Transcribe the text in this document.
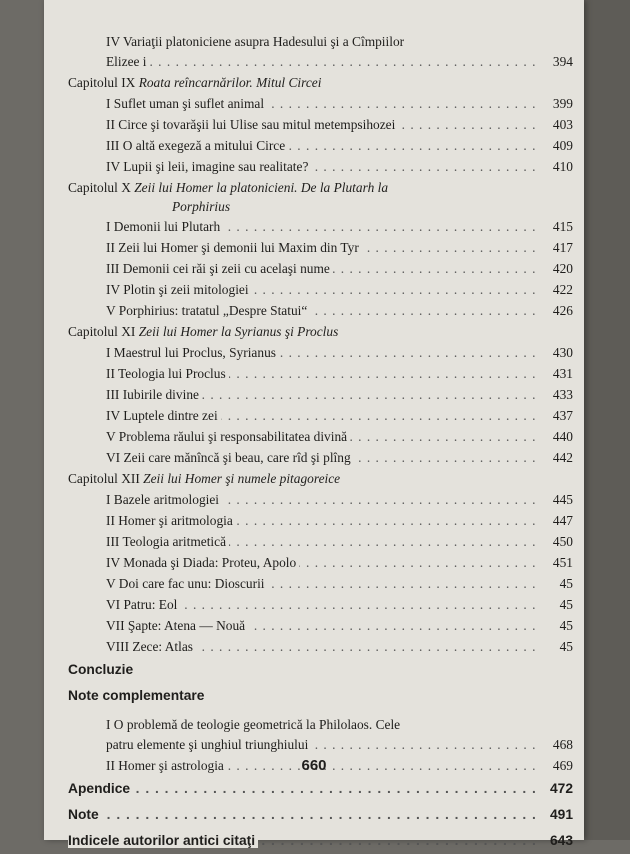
IV Variaţii platoniciene asupra Hadesului şi a Cîmpiilor
Elizee i . . .	394
Capitolul IX Roata reîncarnărilor. Mitul Circei
I Suflet uman şi suflet animal . . .	399
II Circe şi tovarăşii lui Ulise sau mitul metempsihozei . . .	403
III O altă exegeză a mitului Circe . . .	409
IV Lupii şi leii, imagine sau realitate? . . .	410
Capitolul X Zeii lui Homer la platonicieni. De la Plutarh la
Porphirius
I Demonii lui Plutarh . . .	415
II Zeii lui Homer şi demonii lui Maxim din Tyr . . .	417
III Demonii cei răi şi zeii cu acelaşi nume . . .	420
IV Plotin şi zeii mitologiei . . .	422
V Porphirius: tratatul „Despre Statui“ . . .	426
Capitolul XI Zeii lui Homer la Syrianus şi Proclus
I Maestrul lui Proclus, Syrianus . . .	430
II Teologia lui Proclus . . .	431
III Iubirile divine . . .	433
IV Luptele dintre zei . . .	437
V Problema răului şi responsabilitatea divină . . .	440
VI Zeii care mănîncă şi beau, care rîd şi plîng . . .	442
Capitolul XII Zeii lui Homer şi numele pitagoreice
I Bazele aritmologiei . . .	445
II Homer şi aritmologia . . .	447
III Teologia aritmetică . . .	450
IV Monada şi Diada: Proteu, Apolo . . .	451
V Doi care fac unu: Dioscurii . . .	45
VI Patru: Eol . . .	45
VII Şapte: Atena — Nouă . . .	45
VIII Zece: Atlas . . .	45
Concluzie
Note complementare
I O problemă de teologie geometrică la Philolaos. Cele
patru elemente şi unghiul triunghiului . . .	468
II Homer şi astrologia . . .	469
Apendice . . .	472
Note . . .	491
Indicele autorilor antici citaţi . . .	643
660
